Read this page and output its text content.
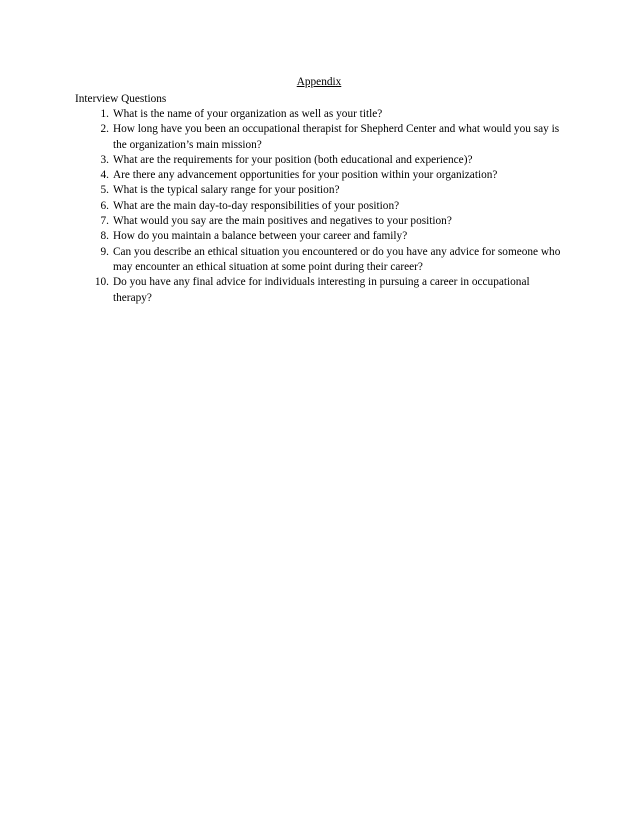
Appendix
Interview Questions
1. What is the name of your organization as well as your title?
2. How long have you been an occupational therapist for Shepherd Center and what would you say is the organization’s main mission?
3. What are the requirements for your position (both educational and experience)?
4. Are there any advancement opportunities for your position within your organization?
5. What is the typical salary range for your position?
6. What are the main day-to-day responsibilities of your position?
7. What would you say are the main positives and negatives to your position?
8. How do you maintain a balance between your career and family?
9. Can you describe an ethical situation you encountered or do you have any advice for someone who may encounter an ethical situation at some point during their career?
10. Do you have any final advice for individuals interesting in pursuing a career in occupational therapy?
